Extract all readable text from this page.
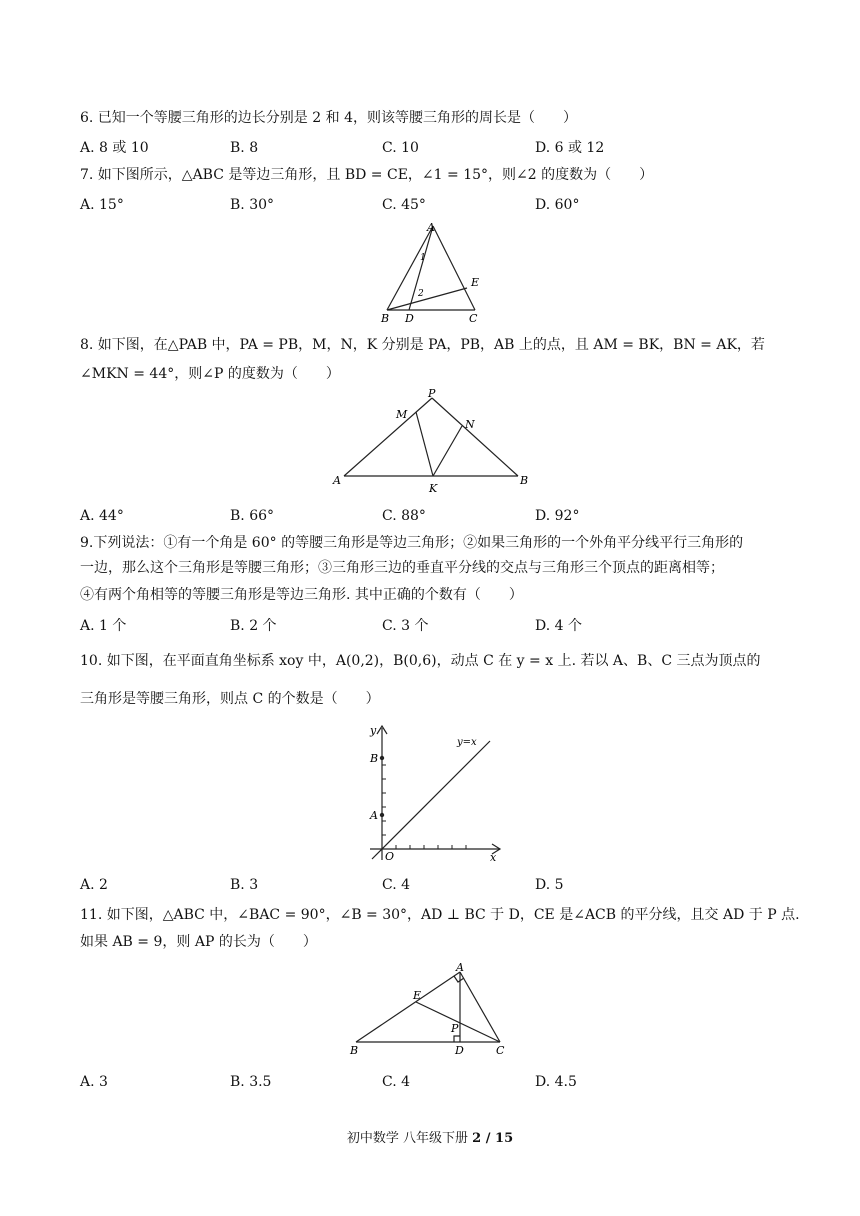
6. 已知一个等腰三角形的边长分别是 2 和 4，则该等腰三角形的周长是（　　）
A. 8 或 10	B. 8	C. 10	D. 6 或 12
7. 如下图所示，△ABC 是等边三角形，且 BD = CE，∠1 = 15°，则∠2 的度数为（　　）
A. 15°	B. 30°	C. 45°	D. 60°
A
1
2
E
B D	C
8. 如下图，在△PAB 中，PA = PB，M，N，K 分别是 PA，PB，AB 上的点，且 AM = BK，BN = AK，若
∠MKN = 44°，则∠P 的度数为（　　）
P
M
N
A
K
B
A. 44°	B. 66°	C. 88°	D. 92°
9.下列说法：①有一个角是 60° 的等腰三角形是等边三角形；②如果三角形的一个外角平分线平行三角形的
一边，那么这个三角形是等腰三角形；③三角形三边的垂直平分线的交点与三角形三个顶点的距离相等；
④有两个角相等的等腰三角形是等边三角形. 其中正确的个数有（　　）
A. 1 个	B. 2 个	C. 3 个	D. 4 个
10. 如下图，在平面直角坐标系 xoy 中，A(0,2)，B(0,6)，动点 C 在 y = x 上. 若以 A、B、C 三点为顶点的
三角形是等腰三角形，则点 C 的个数是（　　）
y
y=x
B
A
O	x
A. 2	B. 3	C. 4	D. 5
11. 如下图，△ABC 中，∠BAC = 90°，∠B = 30°，AD ⊥ BC 于 D，CE 是∠ACB 的平分线，且交 AD 于 P 点.
如果 AB = 9，则 AP 的长为（　　）
A
E
P
B	D	C
A. 3	B. 3.5	C. 4	D. 4.5
初中数学 八年级下册 2 / 15
